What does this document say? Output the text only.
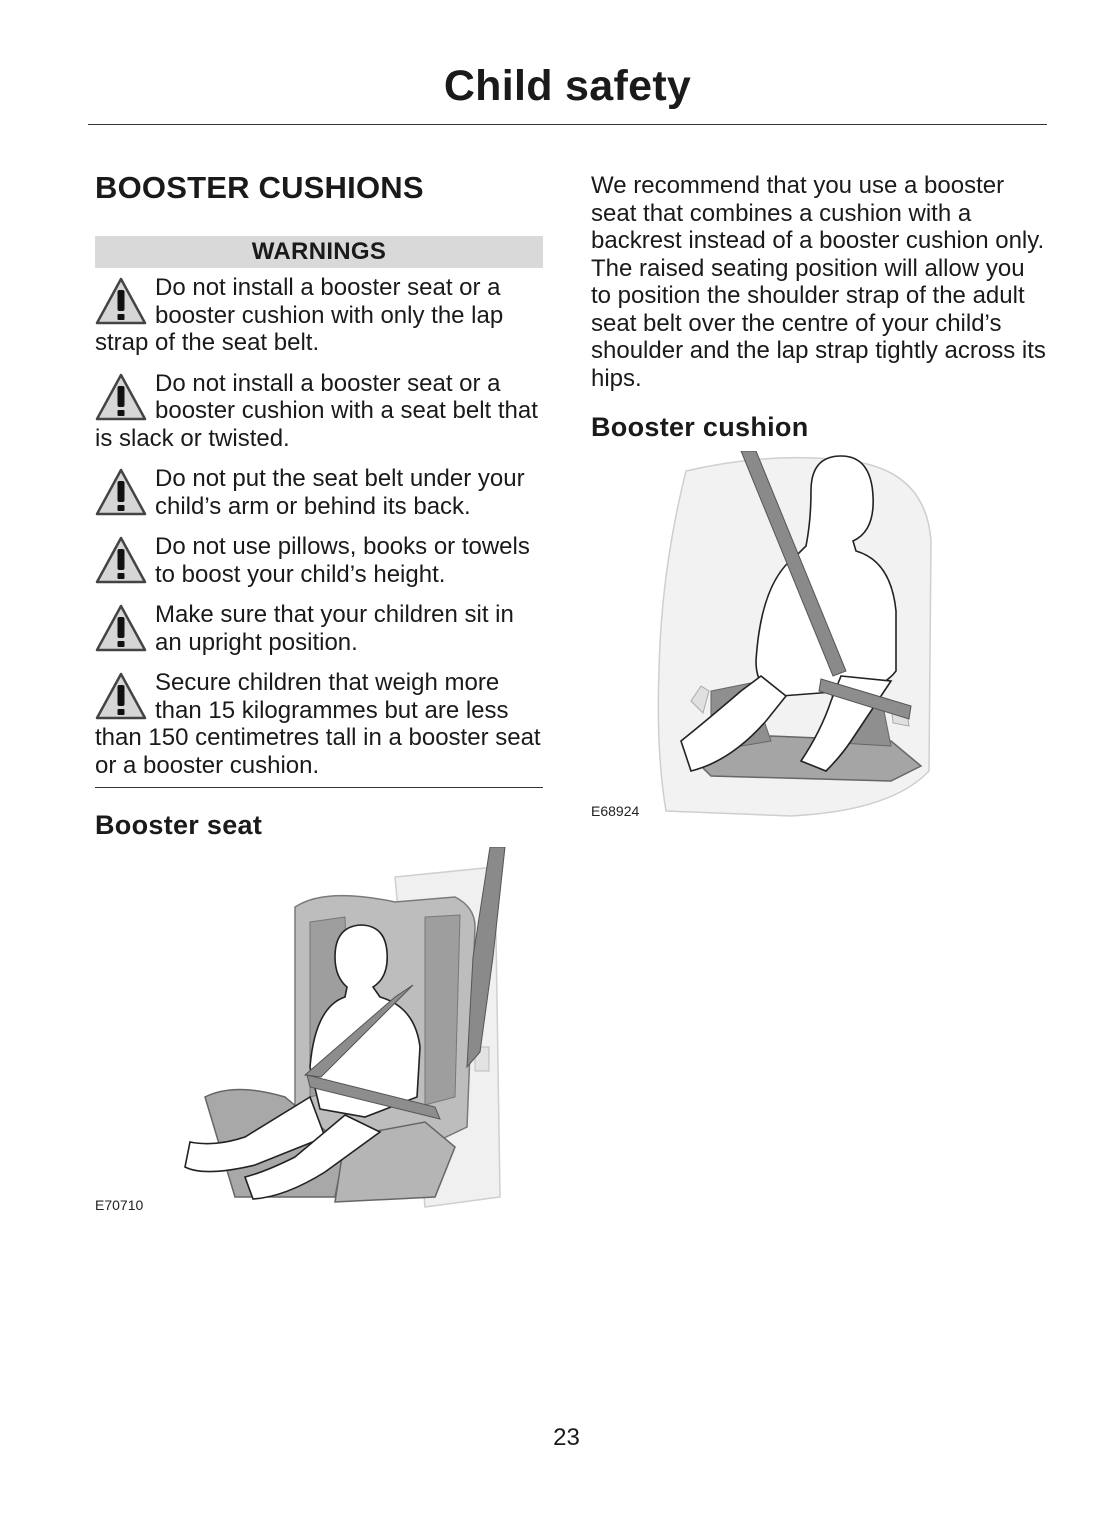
Child safety
BOOSTER CUSHIONS
WARNINGS

Do not install a booster seat or a booster cushion with only the lap strap of the seat belt.

Do not install a booster seat or a booster cushion with a seat belt that is slack or twisted.

Do not put the seat belt under your child’s arm or behind its back.

Do not use pillows, books or towels to boost your child’s height.

Make sure that your children sit in an upright position.

Secure children that weigh more than 15 kilogrammes but are less than 150 centimetres tall in a booster seat or a booster cushion.

Booster seat
E70710

We recommend that you use a booster seat that combines a cushion with a backrest instead of a booster cushion only. The raised seating position will allow you to position the shoulder strap of the adult seat belt over the centre of your child’s shoulder and the lap strap tightly across its hips.

Booster cushion
E68924
23
